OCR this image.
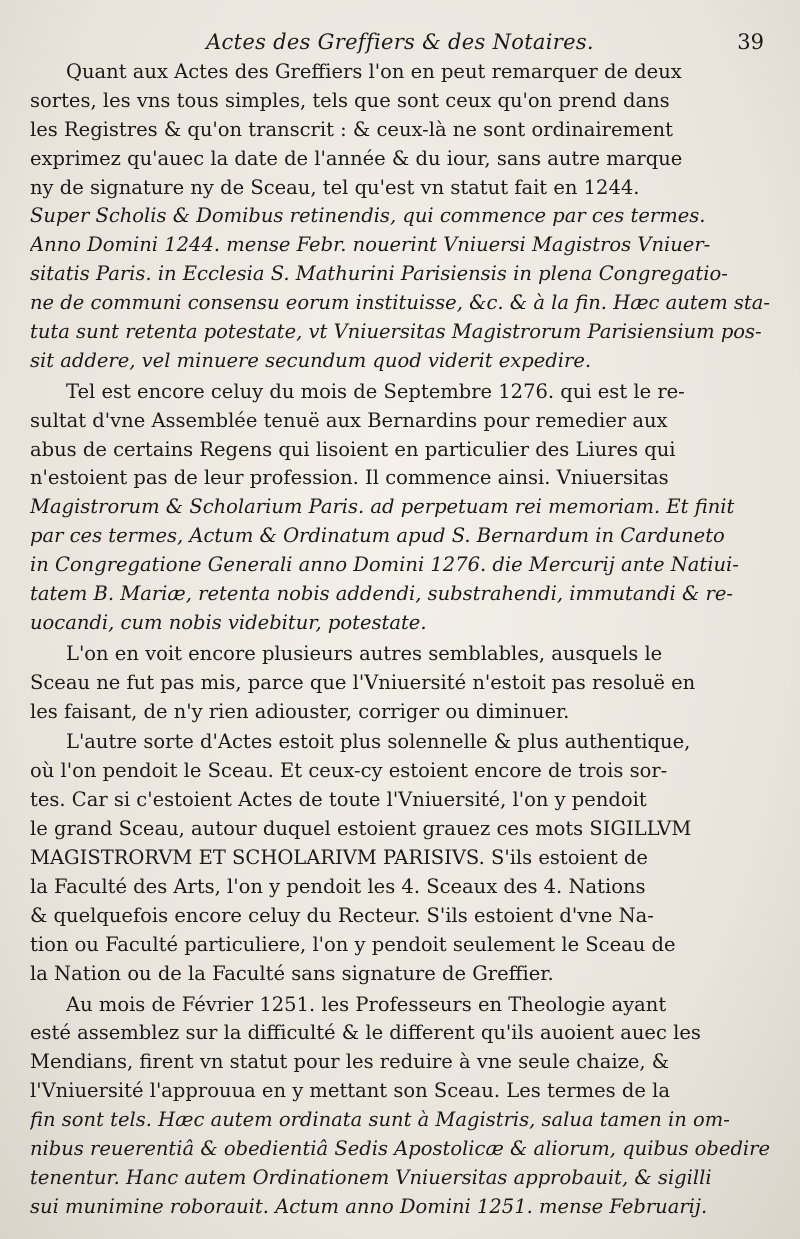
Actes des Greffiers & des Notaires.	39
Quant aux Actes des Greffiers l'on en peut remarquer de deux
sortes, les vns tous simples, tels que sont ceux qu'on prend dans
les Registres & qu'on transcrit : & ceux-là ne sont ordinairement
exprimez qu'auec la date de l'année & du iour, sans autre marque
ny de signature ny de Sceau, tel qu'est vn statut fait en 1244.
Super Scholis & Domibus retinendis, qui commence par ces termes.
Anno Domini 1244. mense Febr. nouerint Vniuersi Magistros Vniuer-
sitatis Paris. in Ecclesia S. Mathurini Parisiensis in plena Congregatio-
ne de communi consensu eorum instituisse, &c. & à la fin. Hæc autem sta-
tuta sunt retenta potestate, vt Vniuersitas Magistrorum Parisiensium pos-
sit addere, vel minuere secundum quod viderit expedire.
Tel est encore celuy du mois de Septembre 1276. qui est le re-
sultat d'vne Assemblée tenuë aux Bernardins pour remedier aux
abus de certains Regens qui lisoient en particulier des Liures qui
n'estoient pas de leur profession. Il commence ainsi. Vniuersitas
Magistrorum & Scholarium Paris. ad perpetuam rei memoriam. Et finit
par ces termes, Actum & Ordinatum apud S. Bernardum in Carduneto
in Congregatione Generali anno Domini 1276. die Mercurij ante Natiui-
tatem B. Mariæ, retenta nobis addendi, substrahendi, immutandi & re-
uocandi, cum nobis videbitur, potestate.
L'on en voit encore plusieurs autres semblables, ausquels le
Sceau ne fut pas mis, parce que l'Vniuersité n'estoit pas resoluë en
les faisant, de n'y rien adiouster, corriger ou diminuer.
L'autre sorte d'Actes estoit plus solennelle & plus authentique,
où l'on pendoit le Sceau. Et ceux-cy estoient encore de trois sor-
tes. Car si c'estoient Actes de toute l'Vniuersité, l'on y pendoit
le grand Sceau, autour duquel estoient grauez ces mots SIGILLVM
MAGISTRORVM ET SCHOLARIVM PARISIVS. S'ils estoient de
la Faculté des Arts, l'on y pendoit les 4. Sceaux des 4. Nations
& quelquefois encore celuy du Recteur. S'ils estoient d'vne Na-
tion ou Faculté particuliere, l'on y pendoit seulement le Sceau de
la Nation ou de la Faculté sans signature de Greffier.
Au mois de Février 1251. les Professeurs en Theologie ayant
esté assemblez sur la difficulté & le different qu'ils auoient auec les
Mendians, firent vn statut pour les reduire à vne seule chaize, &
l'Vniuersité l'approuua en y mettant son Sceau. Les termes de la
fin sont tels. Hæc autem ordinata sunt à Magistris, salua tamen in om-
nibus reuerentiâ & obedientiâ Sedis Apostolicæ & aliorum, quibus obedire
tenentur. Hanc autem Ordinationem Vniuersitas approbauit, & sigilli
sui munimine roborauit. Actum anno Domini 1251. mense Februarij.
